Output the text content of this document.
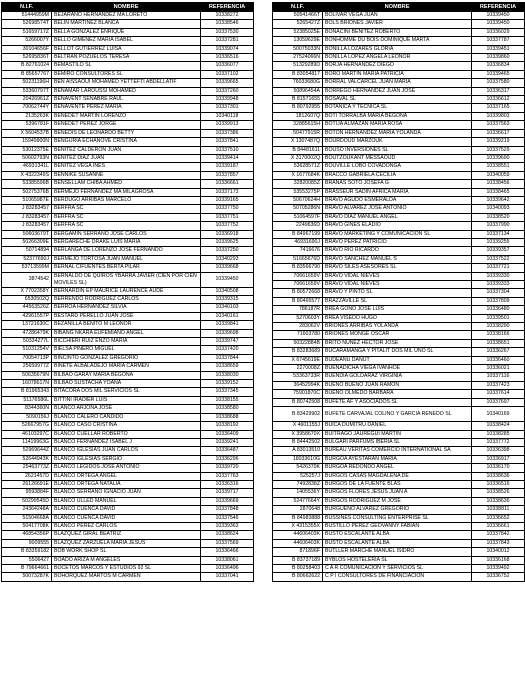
N.I.F.	NOMBRE	REFERENCIA
51444959M	BEJARANO HERNANDEZ MA LORETO	10338272
52698574T	BELIN MARTINEZ BLANCA	10338546
51659717Z	BELLA GONZALEZ ENRIQUE	10337530
5266007Y	BELLO GIMENEZ MARIA ISABEL	10337281
30104656F	BELLOT GUTIERREZ LUISA	10339074
52695836T	BELTRAN POZUELOS TERESA	10336516
B 82761024	BEMASTILO SL	10336077
B 85657767	BEMIRO CONSULTORES SL	10337102
50231196H	BEN AISSAOUI MOHAMED YETTEFTI ABDELLATIF	10339665
53360797T	BENAMAR LAROUSSI MOHAMED	10337260
20426961Z	BENAVENT SENABRE RAUL	10339948
70062744Y	BENAVENTE PEREZ MARIA	10337301
2135263K	BENEDET MARTIN LORENZO	10340118
5396781F	BENEDET PEREZ JORGE	10339913
X 5604537B	BENEDIS DE LEONARDO BETTY	10337386
15949900N	BENGURIA ECHANOVE CRISTINA	10337841
53012375E	BENITEZ CALDERON JUAN	10337510
50602793N	BENITEZ DIAZ JUAN	10339414
46931341L	BENITEZ VEGA INES	10339187
X 4322349S	BENNIKE SUSANNE	10337857
53385596B	BENSELLAM CHIBA AHMED	10336661
50275376B	BERMEJO FERNANDEZ MA MILAGROSA	10337173
51065987E	BERDUGO ARRIBAS MARCELO	10339165
J 83283457	BERFRA SC	10337750
J 83283457	BERFRA SC	10337751
J 83283457	BERFRA SC	10337752
50603679T	BERGAMIN SERRANO JOSE CARLOS	10336918
50266309E	BERGARECHE DRAKE LUIS MARIA	10339625
50714894	BERLANGA DE LORENZO JOSE FERNANDO	10337250
52377690J	BERMEJO TORTOSA JUAN MANUEL	10340293
53713599M	BERNAL CIFUENTES BERTA PILAR	10339668
3874542	BERNALDO DE QUIROS YBARRA JAVIER (CIEN POR CIEN MOVILES SL)	10339450
X 7702358Y	BERNARDIN EP MAURICE LAURENCE AUDE	10340508
6530502Q	BERRENDO RODRIGUEZ CARLOS	10339315
44563526Z	BERROA HERNANDEZ SILVIA	10340103
42961557P	BESTARD PERELLO JUAN JOSE	10340161
13721630C	BEZANILLA BENITO M LEONOR	10339841
47286479K	BIBANG NKARA EUFEMIANO ANGEL	10339698
50334277L	BICCHIERI RUIZ ENZO MARIA	10339747
51031254V	BIELSA PIÑERO MIGUEL	10337420
70054713P	BINCINTO GONZALEZ GREGORIO	10337844
25659977Z	BINETE ALBALADEJO MARIA CARMEN	10338659
50635679N	BILBAO GARAY MARIA BEGOÑA	10338030
16078617N	BILBAO SUSTACHA YOANA	10339152
B 81965343	BITACORA DOS MIL SERVICIOS SL	10337345
51176586L	BITTINI IRADIER LUIS	10338155
8344360N	BLANCO ARJONA JOSE	10338580
5090156J	BLANCO CALERO CANDIDO	10338688
52667957G	BLANCO CASO CRISTINA	10338192
46103297C	BLANCO CUELLAR ROBERTO	10336409
11419963G	BLANCO FERNANDEZ ISABEL J	10339241
52969644Z	BLANCO IGLESIAS JUAN CARLOS	10336487
52644943K	BLANCO IGLESIAS SERGIO	10336296
25463773Z	BLANCO LEGIDOS JOSE ANTONIO	10339720
2621457D	BLANCO ORTEGA ANGEL	10337763
26126691E	BLANCO ORTEGA NATALIA	10336316
9593884F	BLANCO SERRANO IGNACIO JUAN	10339717
50299545D	BLANCO ULLED MANUEL	10339669
24364248A	BLANCO CUENCA DAVID	10337848
51504668A	BLANCO CUENCA DAVID	10337546
50417708K	BLANCO PEREZ CARLOS	10339363
46854356P	BLAZQUEZ GIRAL BEATRIZ	10338624
9009555	BLAZQUEZ ZARZUELA MARIA JESUS	10337569
B 83359182	BOB WORK SHOP SL	10336466
5506427	BOADO ARIZA M ANGELES	10338061
B 79664661	BOCETOS MARCOS Y ESTUDIOS 92 SL	10336496
50073287K	BOHORQUEZ MARTOS M CARMEN	10337041
N.I.F.	NOMBRE	REFERENCIA
50541466T	BOLIVAR VEGA JUAN	10339450
5265427Z	BOLS BRIONES JAVIER	10339450
52385025E	BONACINI BENITEZ ROBERTO	10336029
13059629E	BONHOMME DU BOIS DOMINIQUE MARTA	10337787
50075033N	BONILLA LOZARES GLORIA	10339451
27524066N	BONILLA LOPEZ ANGELA LEONOR	10339860
51329289D	BORJA HERNANDEZ DIEGO	10336834
B 83054817	BORO MARTIN MARIA PATRICIA	10339465
76033680G	BORRAL VALCARCEL JUAN MARIA	10337580
50896454A	BORREGO HERNANDEZ JUAN JOSE	10336317
B 81571655	BOSAVAL SL	10336612
B 80792955	BOTANICA Y TECNICA SL	10337165
1812607Q	BOTI TORRALBA MARIA BEGOÑA	10339803
32885615H	BOTIJA ALMAZAN MARIA ROSA	10337563
50477915R	BOTON HERNANDEZ MARIA YOLANDA	10336617
X 1307487Q	BOURDOUD MARZOUK	10339219
B 84481611	BOUSO INVERSIONES SL	10337529
X 3170002Q	BOUTZOUKANT MESSAOUD	10339690
53628571Z	BOUVILLE LOBO COVADONGA	10338551
X 1677684K	BRACCO GABRIELA CECILIA	10340059
32820085Z	BRAÑAS SOTO JOSEFA G	10338456
53553275P	BRASSEUR SADIN AFRICA MARIA	10338465
50670624H	BRAVO AGUDO ESMERALDA	10339642
50705286N	BRAVO ALVAREZ JOSE ANTONIO	10340093
51064597F	BRAVO DIAZ MANUEL ANGEL	10338520
2249636D	BRAVO GINES ELADIO	10337990
B 84967199	BRAVO MARKETING Y COMUNICACION SL	10337134
46931690J	BRAVO PEREZ PATRICIO	10339255
7416676	BRAVO RIO RICARDO	10339357
51665676D	BRAVO SANCHEZ MANUEL S	10337522
B 83566790	BRAVO SILES ASESORES SL	10337721
70661659V	BRAVO VIDAL NIEVES	10339330
70661659V	BRAVO VIDAL NIEVES	10339333
B 80572668	BRAVO Y PINTO SL	10337304
B 80465577	BRAZZAVILLE SL	10337809
786187R	BREA GOÑO JOSE LUIS	10336480
5270603Y	BREA VISEDO HUGO	10339501
283062V	BRIONES ARRIBAS YOLANDA	10338290
71603780	BRIONES MONGE OSCAR	10338166
50322884B	BRITO NUÑEZ HECTOR JOSE	10338651
B 83283689	BUCARAMANGA Y PITALIT DOS MIL UNO SL	10336267
X 6745619E	BUDEANU DANUT	10336460
2270008Z	BUENADICHA VIEGA IVANHOE	10336021
53363733R	BUENDIA GOLDARAZ VIRGINIA	10337116
36452994K	BUENO BUENO JUAN RAMON	10337423
75901870C	BUENO OLMEDO BARBARA	10337614
B 80742508	BUFETE AF Y ASOCIADOS SL	10337697
B 83429902	BUFETE CARVAJAL COLINO Y GARCIA RENEDO SL	10340169
X 4601155J	BUICA DUMITRU DANIEL	10338424
X 3958670X	BUITRAGO JAUREGUI MARTIN	10338285
B 84442502	BULGARI PARFUMS IBERIA SL	10337772
A 83013510	BUREAU VERITAS COMERCIO INTERNATIONAL SA	10336398
18033610G	BURGOA AYESTARAN MARIA	10336917
5426370K	BURGOA REDONDO ANGEL	10336170
525257J	BURGOS CASAS MAGDALENA DE	10338636
7492838Z	BURGOS DE LA FUENTE BLAS	10336516
1405536Y	BURGOS FLORES JESUS JUAN A	10338526
52477664Y	BURGOS RODRIGUEZ M JOSE	10338636
2870648	BURGUEÑO ALVAREZ GREGORIO	10338811
B 84983888	BUSSINES CONSULTING ENTERPRISE SL	10336652
X 4315355X	BUSTILLO PEREZ GEOVANNY FABIAN	10336661
44606403K	BUSTO ESCALANTE ALBA	10337842
44606403K	BUSTO ESCALANTE ALBA	10337843
871896F	BUTLLER MARCHE MANUEL ISIDRO	10340012
B 83737189	BYBLOS HOSTELERIA SL	10336168
B 80258403	C A R COMUNICACION Y SERVICIOS SL	10339492
B 80662622	C P I CONSULTORES DE FINANCIACION	10336752
